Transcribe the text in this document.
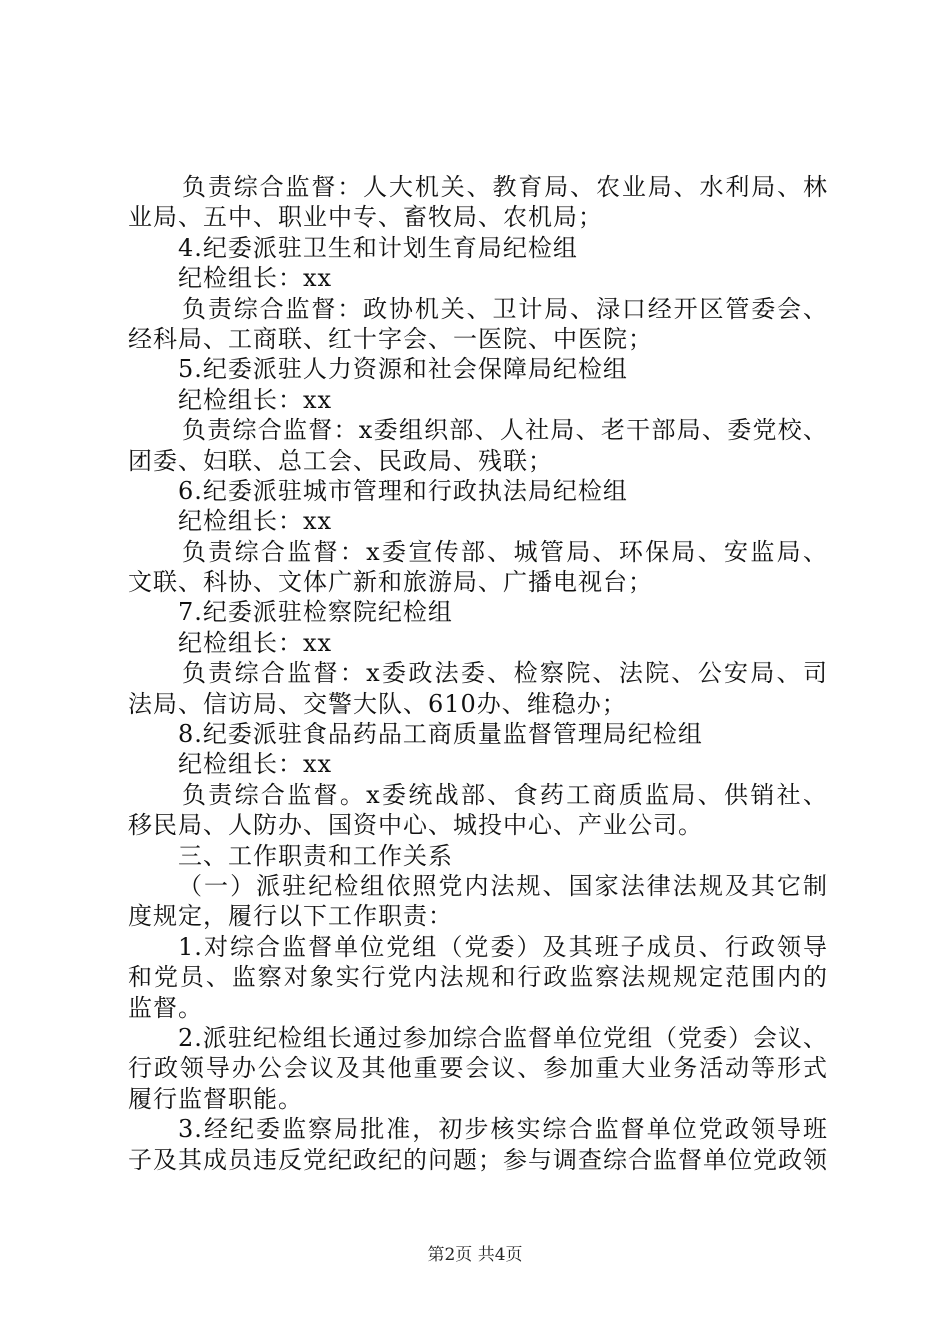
负责综合监督：人大机关、教育局、农业局、水利局、林
业局、五中、职业中专、畜牧局、农机局；
4.纪委派驻卫生和计划生育局纪检组
纪检组长：xx
负责综合监督：政协机关、卫计局、渌口经开区管委会、
经科局、工商联、红十字会、一医院、中医院；
5.纪委派驻人力资源和社会保障局纪检组
纪检组长：xx
负责综合监督：x委组织部、人社局、老干部局、委党校、
团委、妇联、总工会、民政局、残联；
6.纪委派驻城市管理和行政执法局纪检组
纪检组长：xx
负责综合监督：x委宣传部、城管局、环保局、安监局、
文联、科协、文体广新和旅游局、广播电视台；
7.纪委派驻检察院纪检组
纪检组长：xx
负责综合监督：x委政法委、检察院、法院、公安局、司
法局、信访局、交警大队、610办、维稳办；
8.纪委派驻食品药品工商质量监督管理局纪检组
纪检组长：xx
负责综合监督。x委统战部、食药工商质监局、供销社、
移民局、人防办、国资中心、城投中心、产业公司。
三、工作职责和工作关系
（一）派驻纪检组依照党内法规、国家法律法规及其它制
度规定，履行以下工作职责：
1.对综合监督单位党组（党委）及其班子成员、行政领导
和党员、监察对象实行党内法规和行政监察法规规定范围内的
监督。
2.派驻纪检组长通过参加综合监督单位党组（党委）会议、
行政领导办公会议及其他重要会议、参加重大业务活动等形式
履行监督职能。
3.经纪委监察局批准，初步核实综合监督单位党政领导班
子及其成员违反党纪政纪的问题；参与调查综合监督单位党政领
第2页 共4页
